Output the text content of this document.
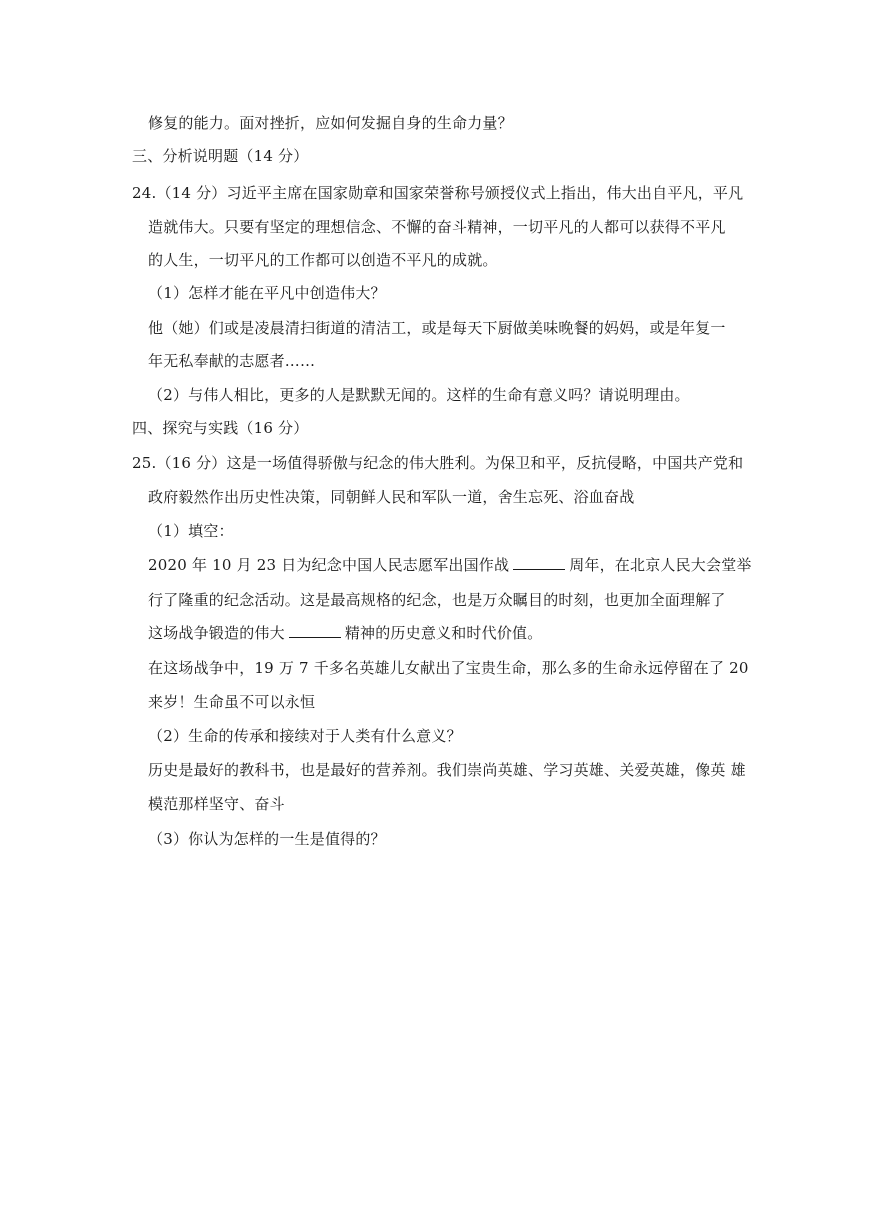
修复的能力。面对挫折，应如何发掘自身的生命力量？
三、分析说明题（14 分）
24.（14 分）习近平主席在国家勋章和国家荣誉称号颁授仪式上指出，伟大出自平凡，平凡
造就伟大。只要有坚定的理想信念、不懈的奋斗精神，一切平凡的人都可以获得不平凡
的人生，一切平凡的工作都可以创造不平凡的成就。
（1）怎样才能在平凡中创造伟大？
他（她）们或是凌晨清扫街道的清洁工，或是每天下厨做美味晚餐的妈妈，或是年复一
年无私奉献的志愿者……
（2）与伟人相比，更多的人是默默无闻的。这样的生命有意义吗？请说明理由。
四、探究与实践（16 分）
25.（16 分）这是一场值得骄傲与纪念的伟大胜利。为保卫和平，反抗侵略，中国共产党和
政府毅然作出历史性决策，同朝鲜人民和军队一道，舍生忘死、浴血奋战
（1）填空：
2020 年 10 月 23 日为纪念中国人民志愿军出国作战	周年，在北京人民大会堂举
行了隆重的纪念活动。这是最高规格的纪念，也是万众瞩目的时刻，也更加全面理解了
这场战争锻造的伟大	精神的历史意义和时代价值。
在这场战争中，19 万 7 千多名英雄儿女献出了宝贵生命，那么多的生命永远停留在了 20
来岁！生命虽不可以永恒
（2）生命的传承和接续对于人类有什么意义？
历史是最好的教科书，也是最好的营养剂。我们崇尚英雄、学习英雄、关爱英雄，像英 雄
模范那样坚守、奋斗
（3）你认为怎样的一生是值得的？
